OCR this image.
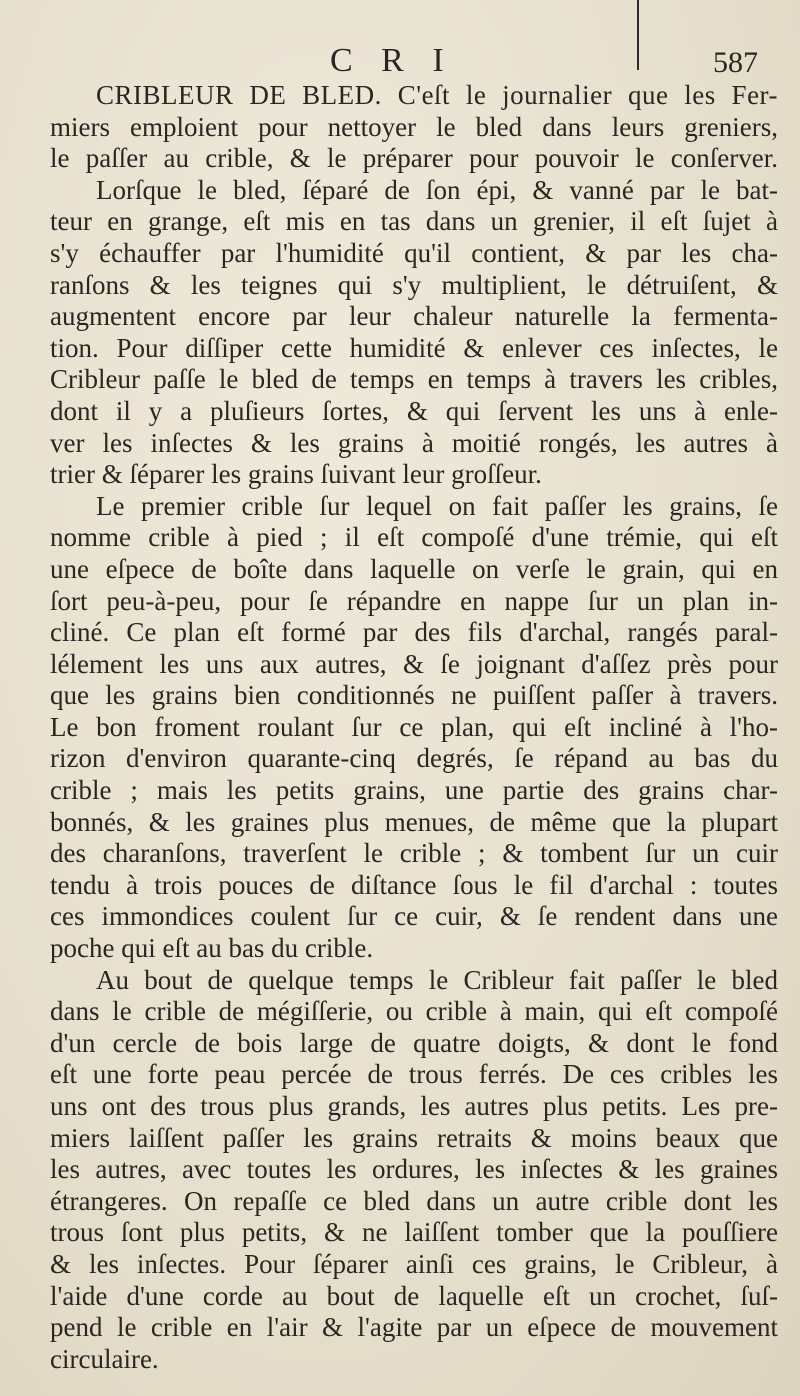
C R I	587
CRIBLEUR DE BLED. C'eſt le journalier que les Fer-
miers emploient pour nettoyer le bled dans leurs greniers,
le paſſer au crible, & le préparer pour pouvoir le conſerver.
Lorſque le bled, ſéparé de ſon épi, & vanné par le bat-
teur en grange, eſt mis en tas dans un grenier, il eſt ſujet à
s'y échauffer par l'humidité qu'il contient, & par les cha-
ranſons & les teignes qui s'y multiplient, le détruiſent, &
augmentent encore par leur chaleur naturelle la fermenta-
tion. Pour diſſiper cette humidité & enlever ces inſectes, le
Cribleur paſſe le bled de temps en temps à travers les cribles,
dont il y a pluſieurs ſortes, & qui ſervent les uns à enle-
ver les inſectes & les grains à moitié rongés, les autres à
trier & ſéparer les grains ſuivant leur groſſeur.
Le premier crible ſur lequel on fait paſſer les grains, ſe
nomme crible à pied ; il eſt compoſé d'une trémie, qui eſt
une eſpece de boîte dans laquelle on verſe le grain, qui en
ſort peu-à-peu, pour ſe répandre en nappe ſur un plan in-
cliné. Ce plan eſt formé par des fils d'archal, rangés paral-
lélement les uns aux autres, & ſe joignant d'aſſez près pour
que les grains bien conditionnés ne puiſſent paſſer à travers.
Le bon froment roulant ſur ce plan, qui eſt incliné à l'ho-
rizon d'environ quarante-cinq degrés, ſe répand au bas du
crible ; mais les petits grains, une partie des grains char-
bonnés, & les graines plus menues, de même que la plupart
des charanſons, traverſent le crible ; & tombent ſur un cuir
tendu à trois pouces de diſtance ſous le fil d'archal : toutes
ces immondices coulent ſur ce cuir, & ſe rendent dans une
poche qui eſt au bas du crible.
Au bout de quelque temps le Cribleur fait paſſer le bled
dans le crible de mégiſſerie, ou crible à main, qui eſt compoſé
d'un cercle de bois large de quatre doigts, & dont le fond
eſt une forte peau percée de trous ferrés. De ces cribles les
uns ont des trous plus grands, les autres plus petits. Les pre-
miers laiſſent paſſer les grains retraits & moins beaux que
les autres, avec toutes les ordures, les inſectes & les graines
étrangeres. On repaſſe ce bled dans un autre crible dont les
trous ſont plus petits, & ne laiſſent tomber que la pouſſiere
& les inſectes. Pour ſéparer ainſi ces grains, le Cribleur, à
l'aide d'une corde au bout de laquelle eſt un crochet, ſuſ-
pend le crible en l'air & l'agite par un eſpece de mouvement
circulaire.
